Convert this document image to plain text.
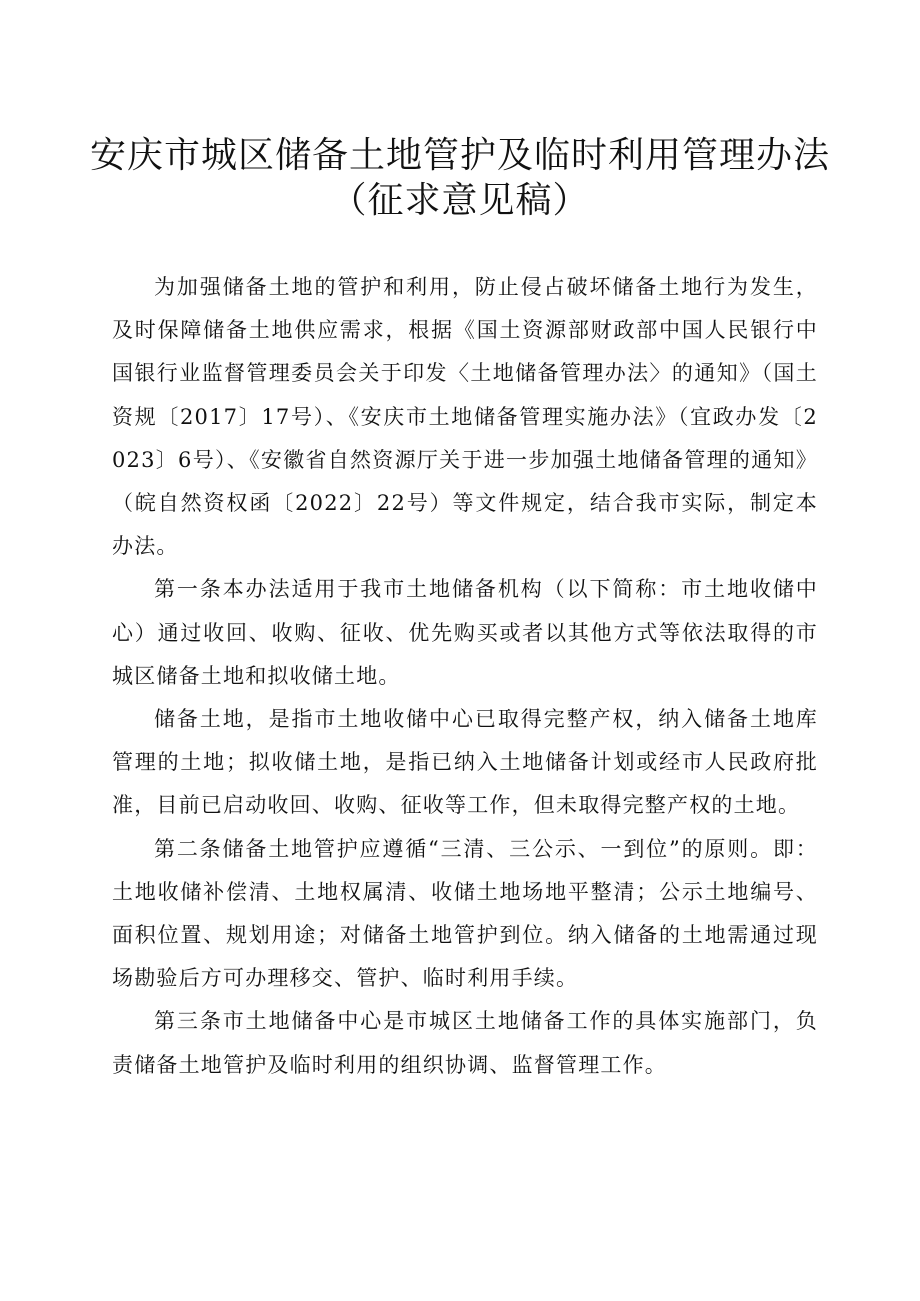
安庆市城区储备土地管护及临时利用管理办法
（征求意见稿）

为加强储备土地的管护和利用，防止侵占破坏储备土地行为发生，及时保障储备土地供应需求，根据《国土资源部财政部中国人民银行中国银行业监督管理委员会关于印发〈土地储备管理办法〉的通知》（国土资规〔2017〕17号）、《安庆市土地储备管理实施办法》（宜政办发〔2023〕6号）、《安徽省自然资源厅关于进一步加强土地储备管理的通知》（皖自然资权函〔2022〕22号）等文件规定，结合我市实际，制定本办法。

第一条本办法适用于我市土地储备机构（以下简称：市土地收储中心）通过收回、收购、征收、优先购买或者以其他方式等依法取得的市城区储备土地和拟收储土地。

储备土地，是指市土地收储中心已取得完整产权，纳入储备土地库管理的土地；拟收储土地，是指已纳入土地储备计划或经市人民政府批准，目前已启动收回、收购、征收等工作，但未取得完整产权的土地。

第二条储备土地管护应遵循“三清、三公示、一到位”的原则。即：土地收储补偿清、土地权属清、收储土地场地平整清；公示土地编号、面积位置、规划用途；对储备土地管护到位。纳入储备的土地需通过现场勘验后方可办理移交、管护、临时利用手续。

第三条市土地储备中心是市城区土地储备工作的具体实施部门，负责储备土地管护及临时利用的组织协调、监督管理工作。
